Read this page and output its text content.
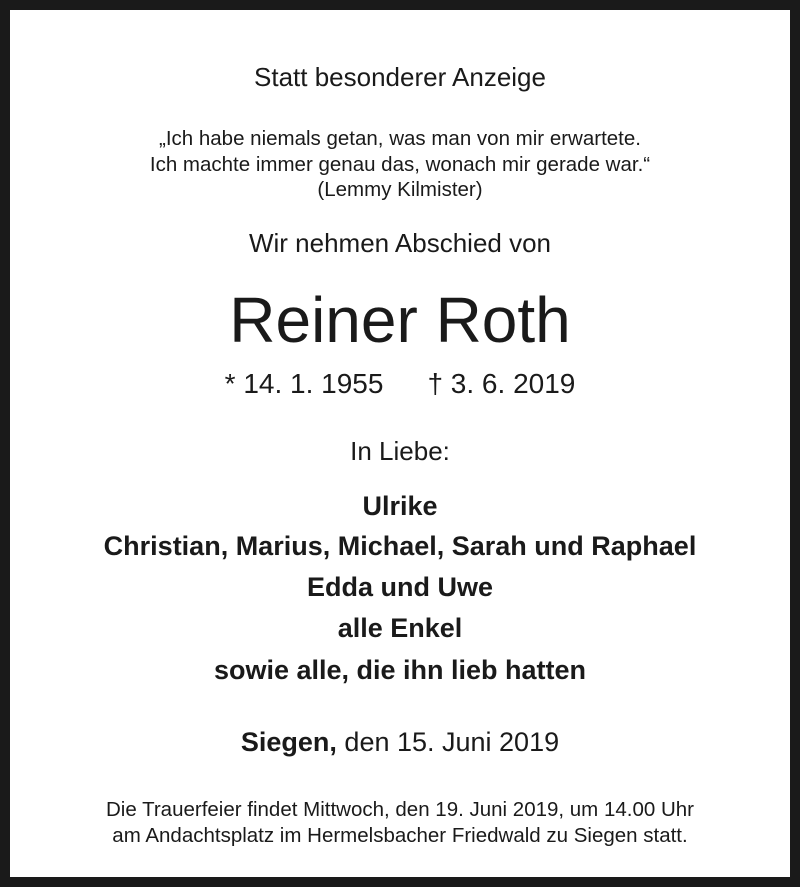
Statt besonderer Anzeige

„Ich habe niemals getan, was man von mir erwartete.

Ich machte immer genau das, wonach mir gerade war.“

(Lemmy Kilmister)

Wir nehmen Abschied von

Reiner Roth

* 14. 1. 1955 † 3. 6. 2019

In Liebe:

Ulrike

Christian, Marius, Michael, Sarah und Raphael

Edda und Uwe

alle Enkel

sowie alle, die ihn lieb hatten

Siegen, den 15. Juni 2019

Die Trauerfeier findet Mittwoch, den 19. Juni 2019, um 14.00 Uhr

am Andachtsplatz im Hermelsbacher Friedwald zu Siegen statt.
